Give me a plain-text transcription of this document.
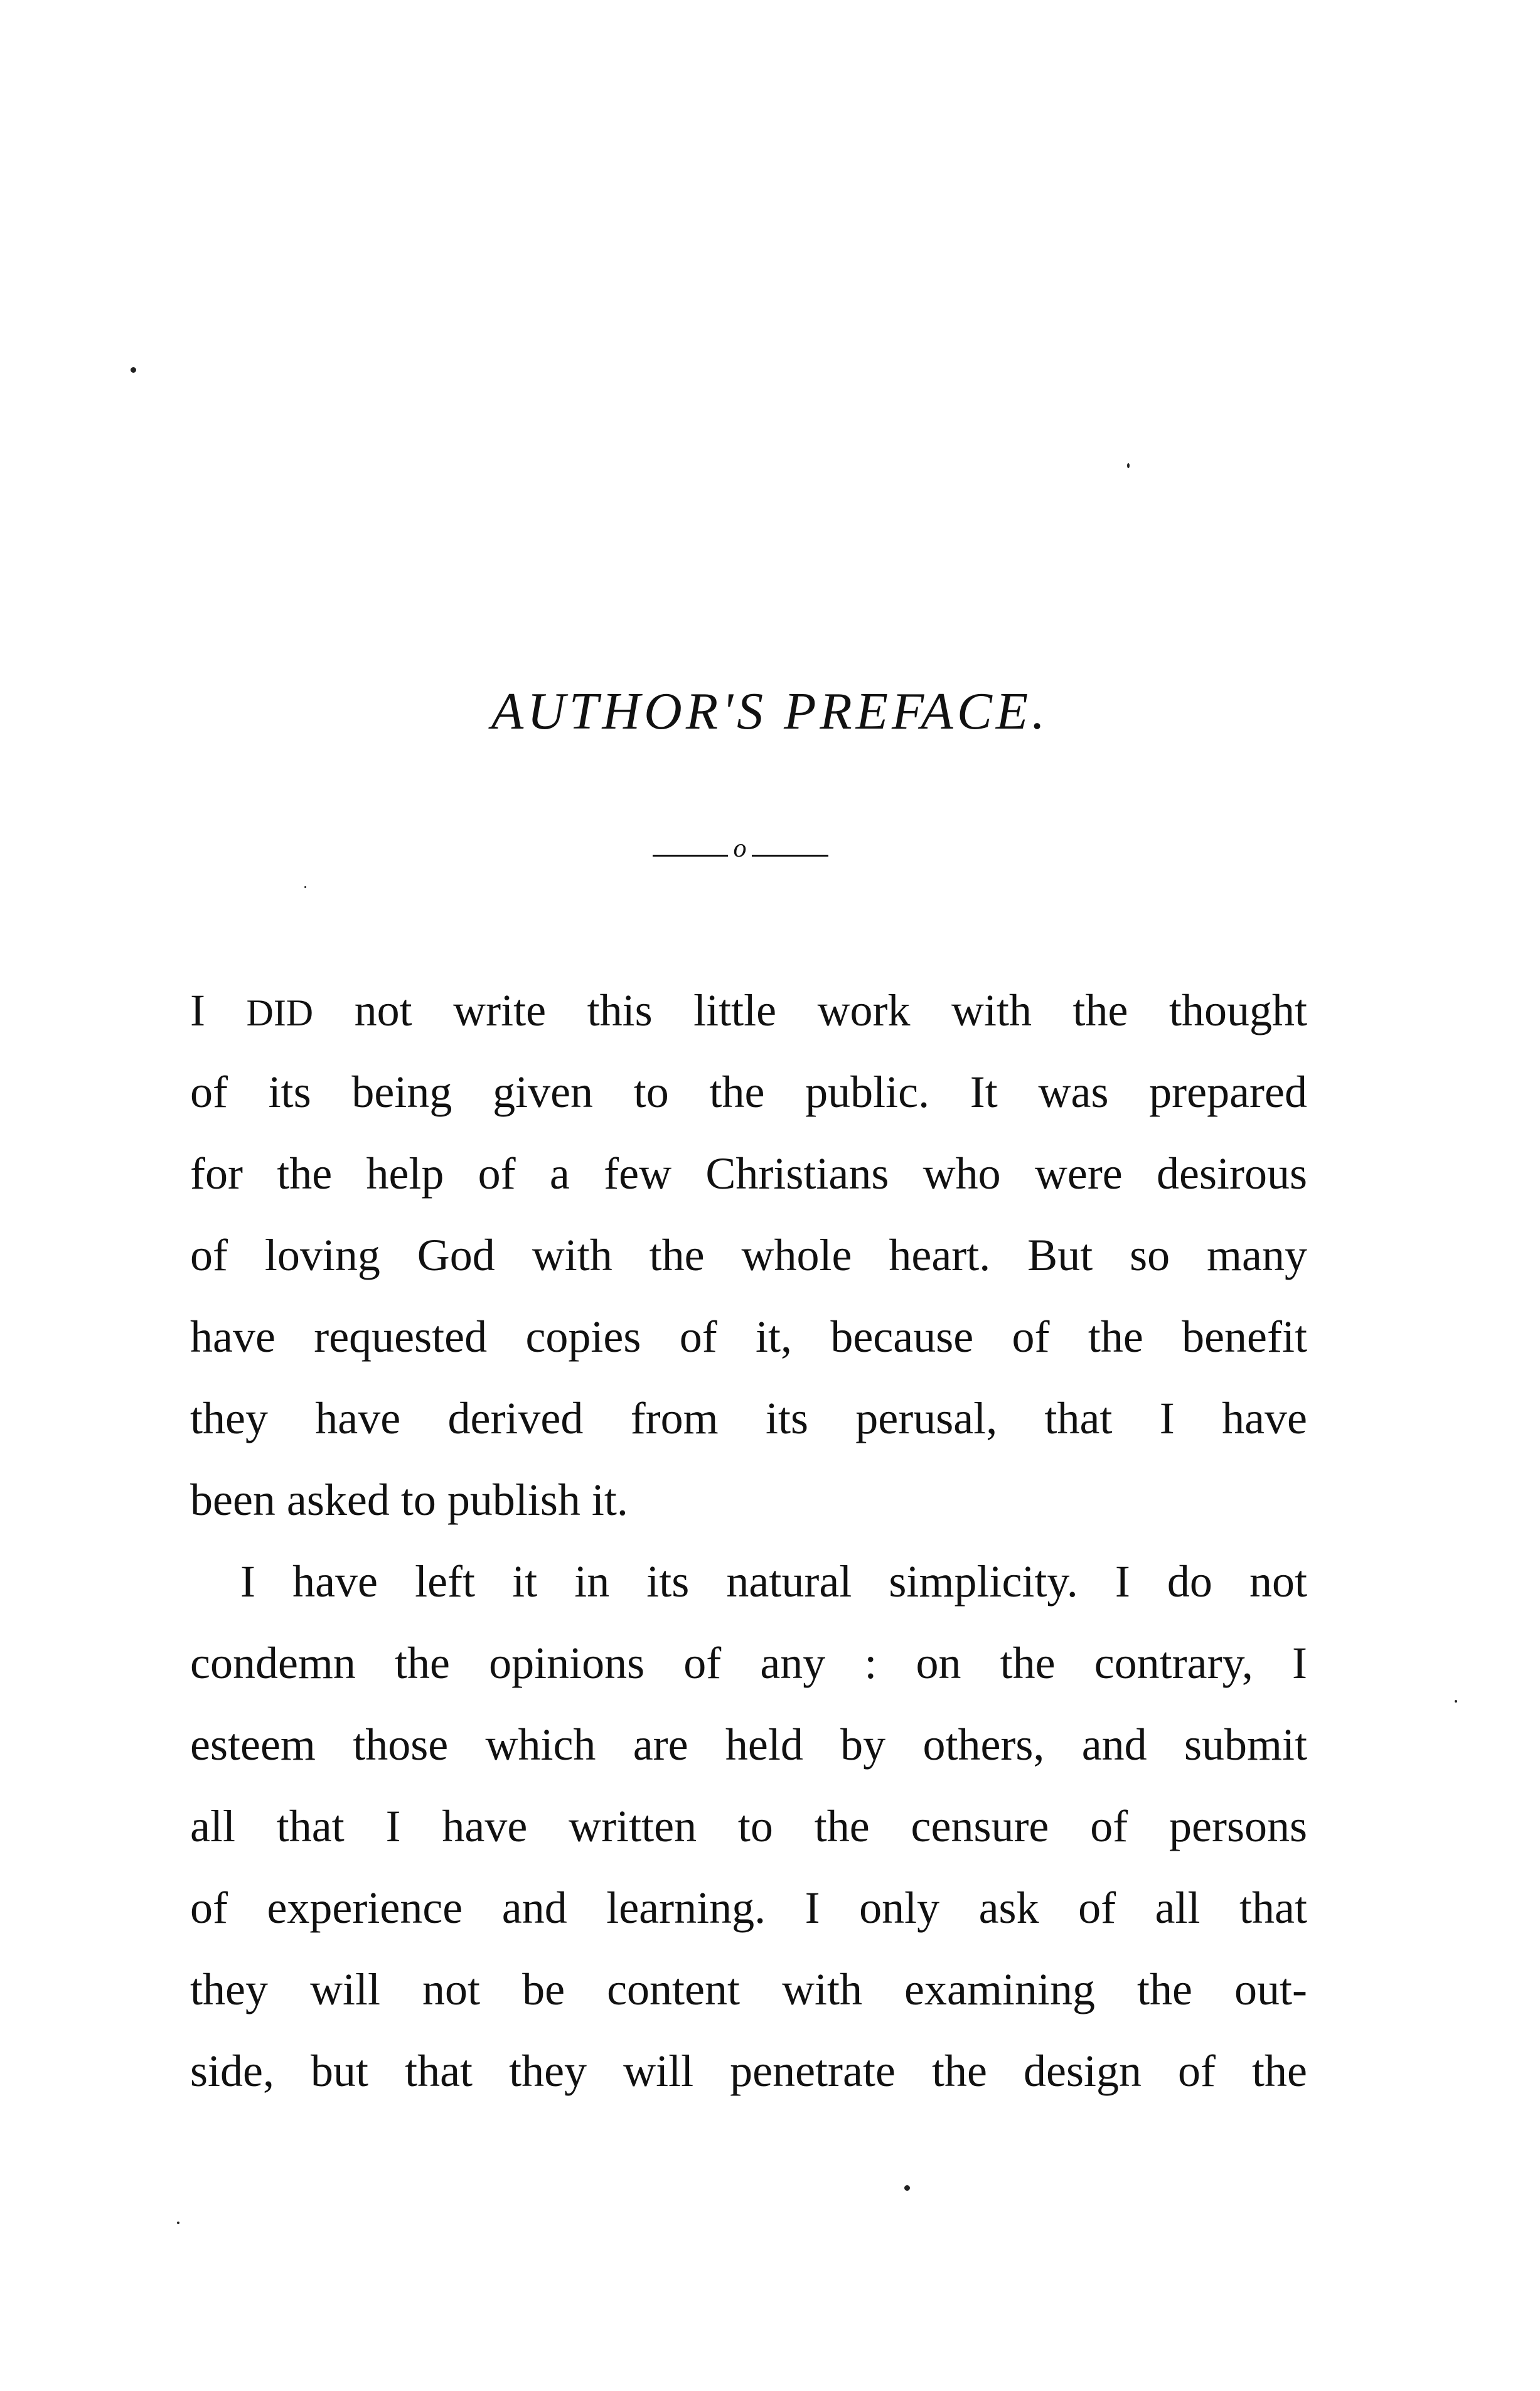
AUTHOR'S PREFACE.
o
I DID not write this little work with the thought
of its being given to the public. It was prepared
for the help of a few Christians who were desirous
of loving God with the whole heart. But so many
have requested copies of it, because of the benefit
they have derived from its perusal, that I have
been asked to publish it.
I have left it in its natural simplicity. I do not
condemn the opinions of any : on the contrary, I
esteem those which are held by others, and submit
all that I have written to the censure of persons
of experience and learning. I only ask of all that
they will not be content with examining the out-
side, but that they will penetrate the design of the
